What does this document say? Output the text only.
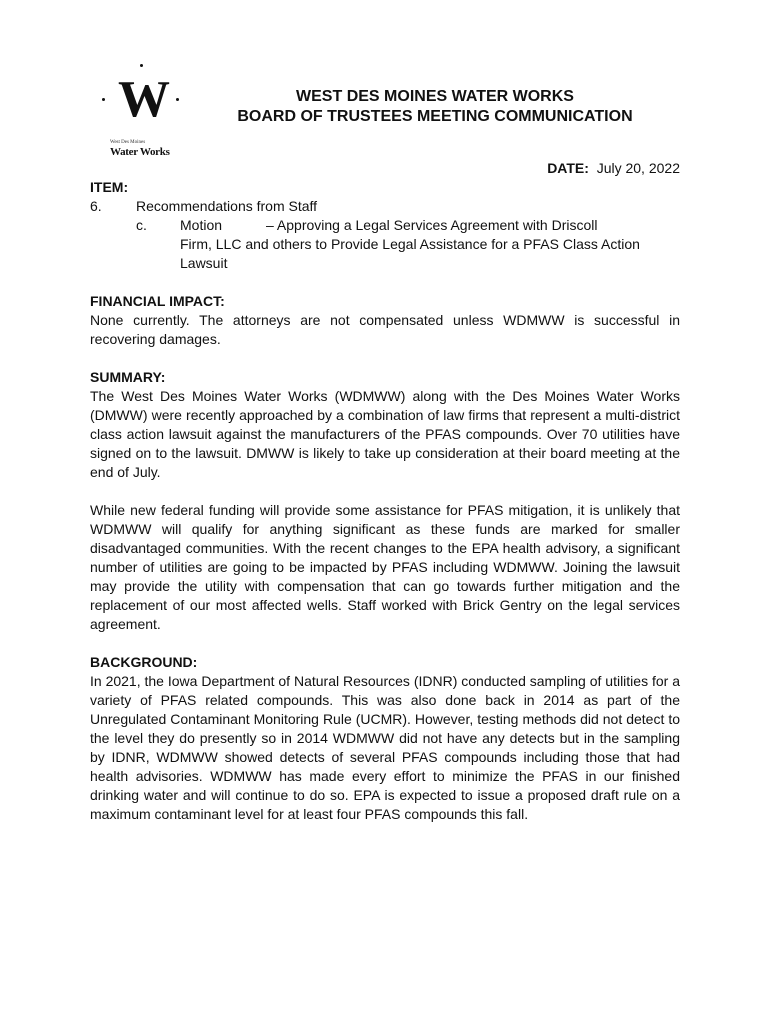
W
West Des Moines
Water Works
WEST DES MOINES WATER WORKS
BOARD OF TRUSTEES MEETING COMMUNICATION
DATE: July 20, 2022
ITEM:
6. Recommendations from Staff
c. Motion	– Approving a Legal Services Agreement with Driscoll
Firm, LLC and others to Provide Legal Assistance for a PFAS Class Action
Lawsuit
FINANCIAL IMPACT:

None currently. The attorneys are not compensated unless WDMWW is successful in recovering damages.

SUMMARY:

The West Des Moines Water Works (WDMWW) along with the Des Moines Water Works (DMWW) were recently approached by a combination of law firms that represent a multi-district class action lawsuit against the manufacturers of the PFAS compounds. Over 70 utilities have signed on to the lawsuit. DMWW is likely to take up consideration at their board meeting at the end of July.

While new federal funding will provide some assistance for PFAS mitigation, it is unlikely that WDMWW will qualify for anything significant as these funds are marked for smaller disadvantaged communities. With the recent changes to the EPA health advisory, a significant number of utilities are going to be impacted by PFAS including WDMWW. Joining the lawsuit may provide the utility with compensation that can go towards further mitigation and the replacement of our most affected wells. Staff worked with Brick Gentry on the legal services agreement.

BACKGROUND:

In 2021, the Iowa Department of Natural Resources (IDNR) conducted sampling of utilities for a variety of PFAS related compounds. This was also done back in 2014 as part of the Unregulated Contaminant Monitoring Rule (UCMR). However, testing methods did not detect to the level they do presently so in 2014 WDMWW did not have any detects but in the sampling by IDNR, WDMWW showed detects of several PFAS compounds including those that had health advisories. WDMWW has made every effort to minimize the PFAS in our finished drinking water and will continue to do so. EPA is expected to issue a proposed draft rule on a maximum contaminant level for at least four PFAS compounds this fall.
